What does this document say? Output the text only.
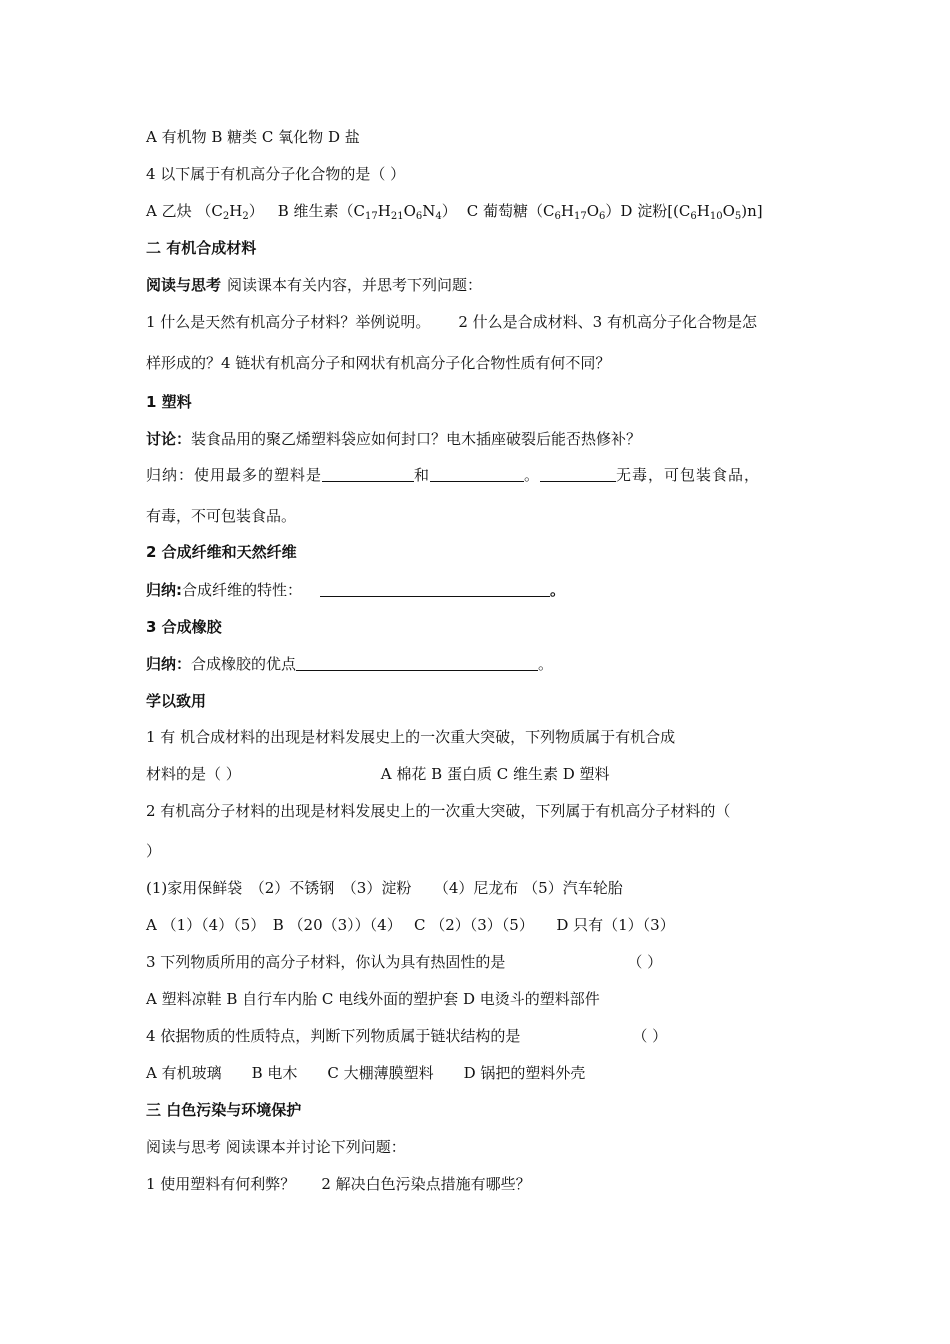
A 有机物 B 糖类 C 氧化物 D 盐
4 以下属于有机高分子化合物的是（ ）
A 乙炔 $(C_2H_2)$ B 维生素$(C_{17}H_{21}O_6N_4)$ C 葡萄糖$(C_6H_{17}O_6)D$ 淀粉$[(C_6H_{10}O_5)n]$
二 有机合成材料
阅读与思考 阅读课本有关内容，并思考下列问题：
1 什么是天然有机高分子材料？举例说明。 2 什么是合成材料、3 有机高分子化合物是怎
样形成的？4 链状有机高分子和网状有机高分子化合物性质有何不同？
1 塑料
讨论：装食品用的聚乙烯塑料袋应如何封口？电木插座破裂后能否热修补？
归纳：使用最多的塑料是	和	。	无毒，可包装食品，
有毒，不可包装食品。
2 合成纤维和天然纤维
归纳:合成纤维的特性：	。
3 合成橡胶
归纳：合成橡胶的优点	。
学以致用
1 有 机合成材料的出现是材料发展史上的一次重大突破，下列物质属于有机合成
材料的是（ ）	A 棉花 B 蛋白质 C 维生素 D 塑料
2 有机高分子材料的出现是材料发展史上的一次重大突破，下列属于有机高分子材料的（
）
(1)家用保鲜袋　（2）不锈钢　（3）淀粉　　（4）尼龙布 （5）汽车轮胎
A （1）（4）（5）　B （20（3））（4）　 C （2）（3）（5）　　D 只有（1）（3）
3 下列物质所用的高分子材料，你认为具有热固性的是	（ ）
A 塑料凉鞋 B 自行车内胎 C 电线外面的塑护套 D 电烫斗的塑料部件
4 依据物质的性质特点，判断下列物质属于链状结构的是	（ ）
A 有机玻璃　　B 电木　　C 大棚薄膜塑料　　D 锅把的塑料外壳
三 白色污染与环境保护
阅读与思考 阅读课本并讨论下列问题：
1 使用塑料有何利弊？ 2 解决白色污染点措施有哪些？
